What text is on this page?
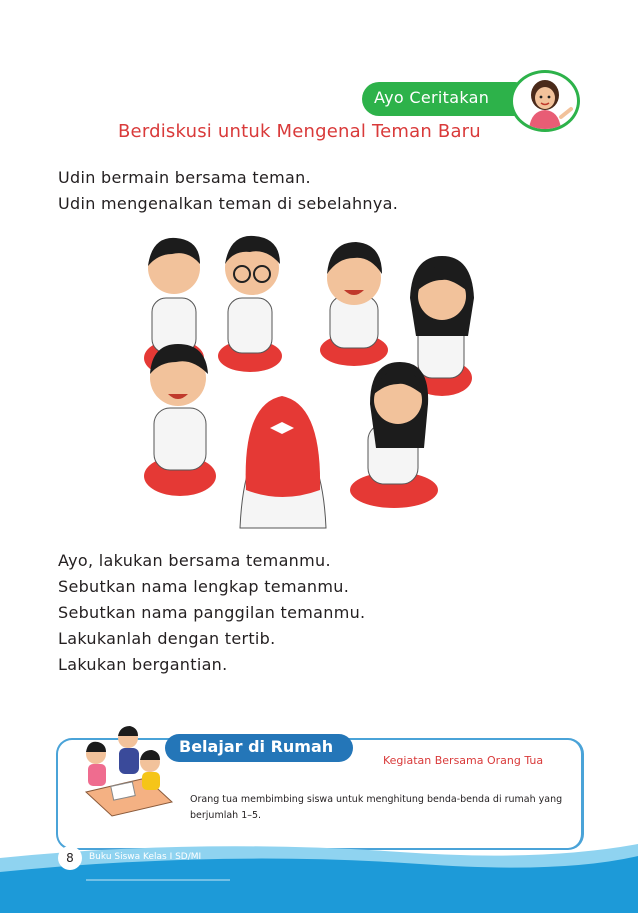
Ayo Ceritakan
Berdiskusi untuk Mengenal Teman Baru
Udin bermain bersama teman.
Udin mengenalkan teman di sebelahnya.
Ayo, lakukan bersama temanmu.
Sebutkan nama lengkap temanmu.
Sebutkan nama panggilan temanmu.
Lakukanlah dengan tertib.
Lakukan bergantian.
Belajar di Rumah
Kegiatan Bersama Orang Tua
Orang tua membimbing siswa untuk menghitung benda-benda di rumah yang berjumlah 1–5.
8	Buku Siswa Kelas I SD/MI
